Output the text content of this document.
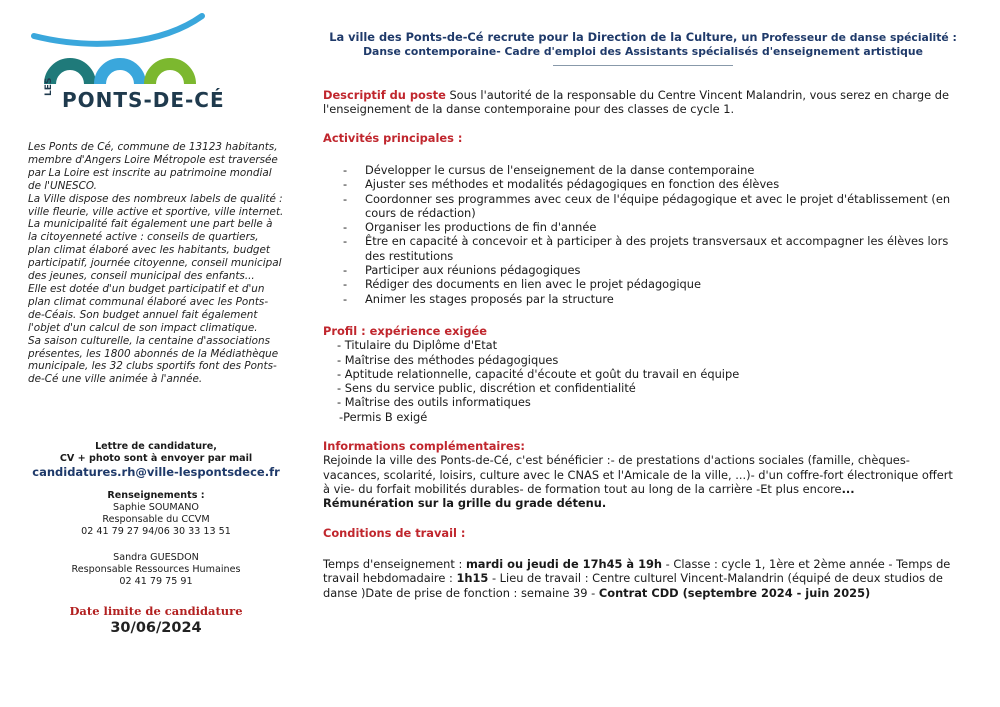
LES
PONTS-DE-CÉ

Les Ponts de Cé, commune de 13123 habitants, membre d'Angers Loire Métropole est traversée par La Loire est inscrite au patrimoine mondial de l'UNESCO.

La Ville dispose des nombreux labels de qualité : ville fleurie, ville active et sportive, ville internet.

La municipalité fait également une part belle à la citoyenneté active : conseils de quartiers, plan climat élaboré avec les habitants, budget participatif, journée citoyenne, conseil municipal des jeunes, conseil municipal des enfants...

Elle est dotée d'un budget participatif et d'un plan climat communal élaboré avec les Ponts-de-Céais. Son budget annuel fait également l'objet d'un calcul de son impact climatique.

Sa saison culturelle, la centaine d'associations présentes, les 1800 abonnés de la Médiathèque municipale, les 32 clubs sportifs font des Ponts-de-Cé une ville animée à l'année.

Lettre de candidature,
CV + photo sont à envoyer par mail
candidatures.rh@ville-lespontsdece.fr
Renseignements :
Saphie SOUMANO
Responsable du CCVM
02 41 79 27 94/06 30 33 13 51
Sandra GUESDON
Responsable Ressources Humaines
02 41 79 75 91
Date limite de candidature
30/06/2024
La ville des Ponts-de-Cé recrute pour la Direction de la Culture, un Professeur de danse spécialité :
Danse contemporaine- Cadre d'emploi des Assistants spécialisés d'enseignement artistique
Descriptif du poste Sous l'autorité de la responsable du Centre Vincent Malandrin, vous serez en charge de l'enseignement de la danse contemporaine pour des classes de cycle 1.
Activités principales :
- Développer le cursus de l'enseignement de la danse contemporaine
- Ajuster ses méthodes et modalités pédagogiques en fonction des élèves
- Coordonner ses programmes avec ceux de l'équipe pédagogique et avec le projet d'établissement (en cours de rédaction)
- Organiser les productions de fin d'année
- Être en capacité à concevoir et à participer à des projets transversaux et accompagner les élèves lors des restitutions
- Participer aux réunions pédagogiques
- Rédiger des documents en lien avec le projet pédagogique
- Animer les stages proposés par la structure
Profil : expérience exigée
- Titulaire du Diplôme d'Etat
- Maîtrise des méthodes pédagogiques
- Aptitude relationnelle, capacité d'écoute et goût du travail en équipe
- Sens du service public, discrétion et confidentialité
- Maîtrise des outils informatiques
-Permis B exigé
Informations complémentaires:
Rejoinde la ville des Ponts-de-Cé, c'est bénéficier :- de prestations d'actions sociales (famille, chèques-vacances, scolarité, loisirs, culture avec le CNAS et l'Amicale de la ville, ...)- d'un coffre-fort électronique offert à vie- du forfait mobilités durables- de formation tout au long de la carrière -Et plus encore...
Rémunération sur la grille du grade détenu.
Conditions de travail :
Temps d'enseignement : mardi ou jeudi de 17h45 à 19h - Classe : cycle 1, 1ère et 2ème année - Temps de travail hebdomadaire : 1h15 - Lieu de travail : Centre culturel Vincent-Malandrin (équipé de deux studios de danse )Date de prise de fonction : semaine 39 - Contrat CDD (septembre 2024 - juin 2025)
